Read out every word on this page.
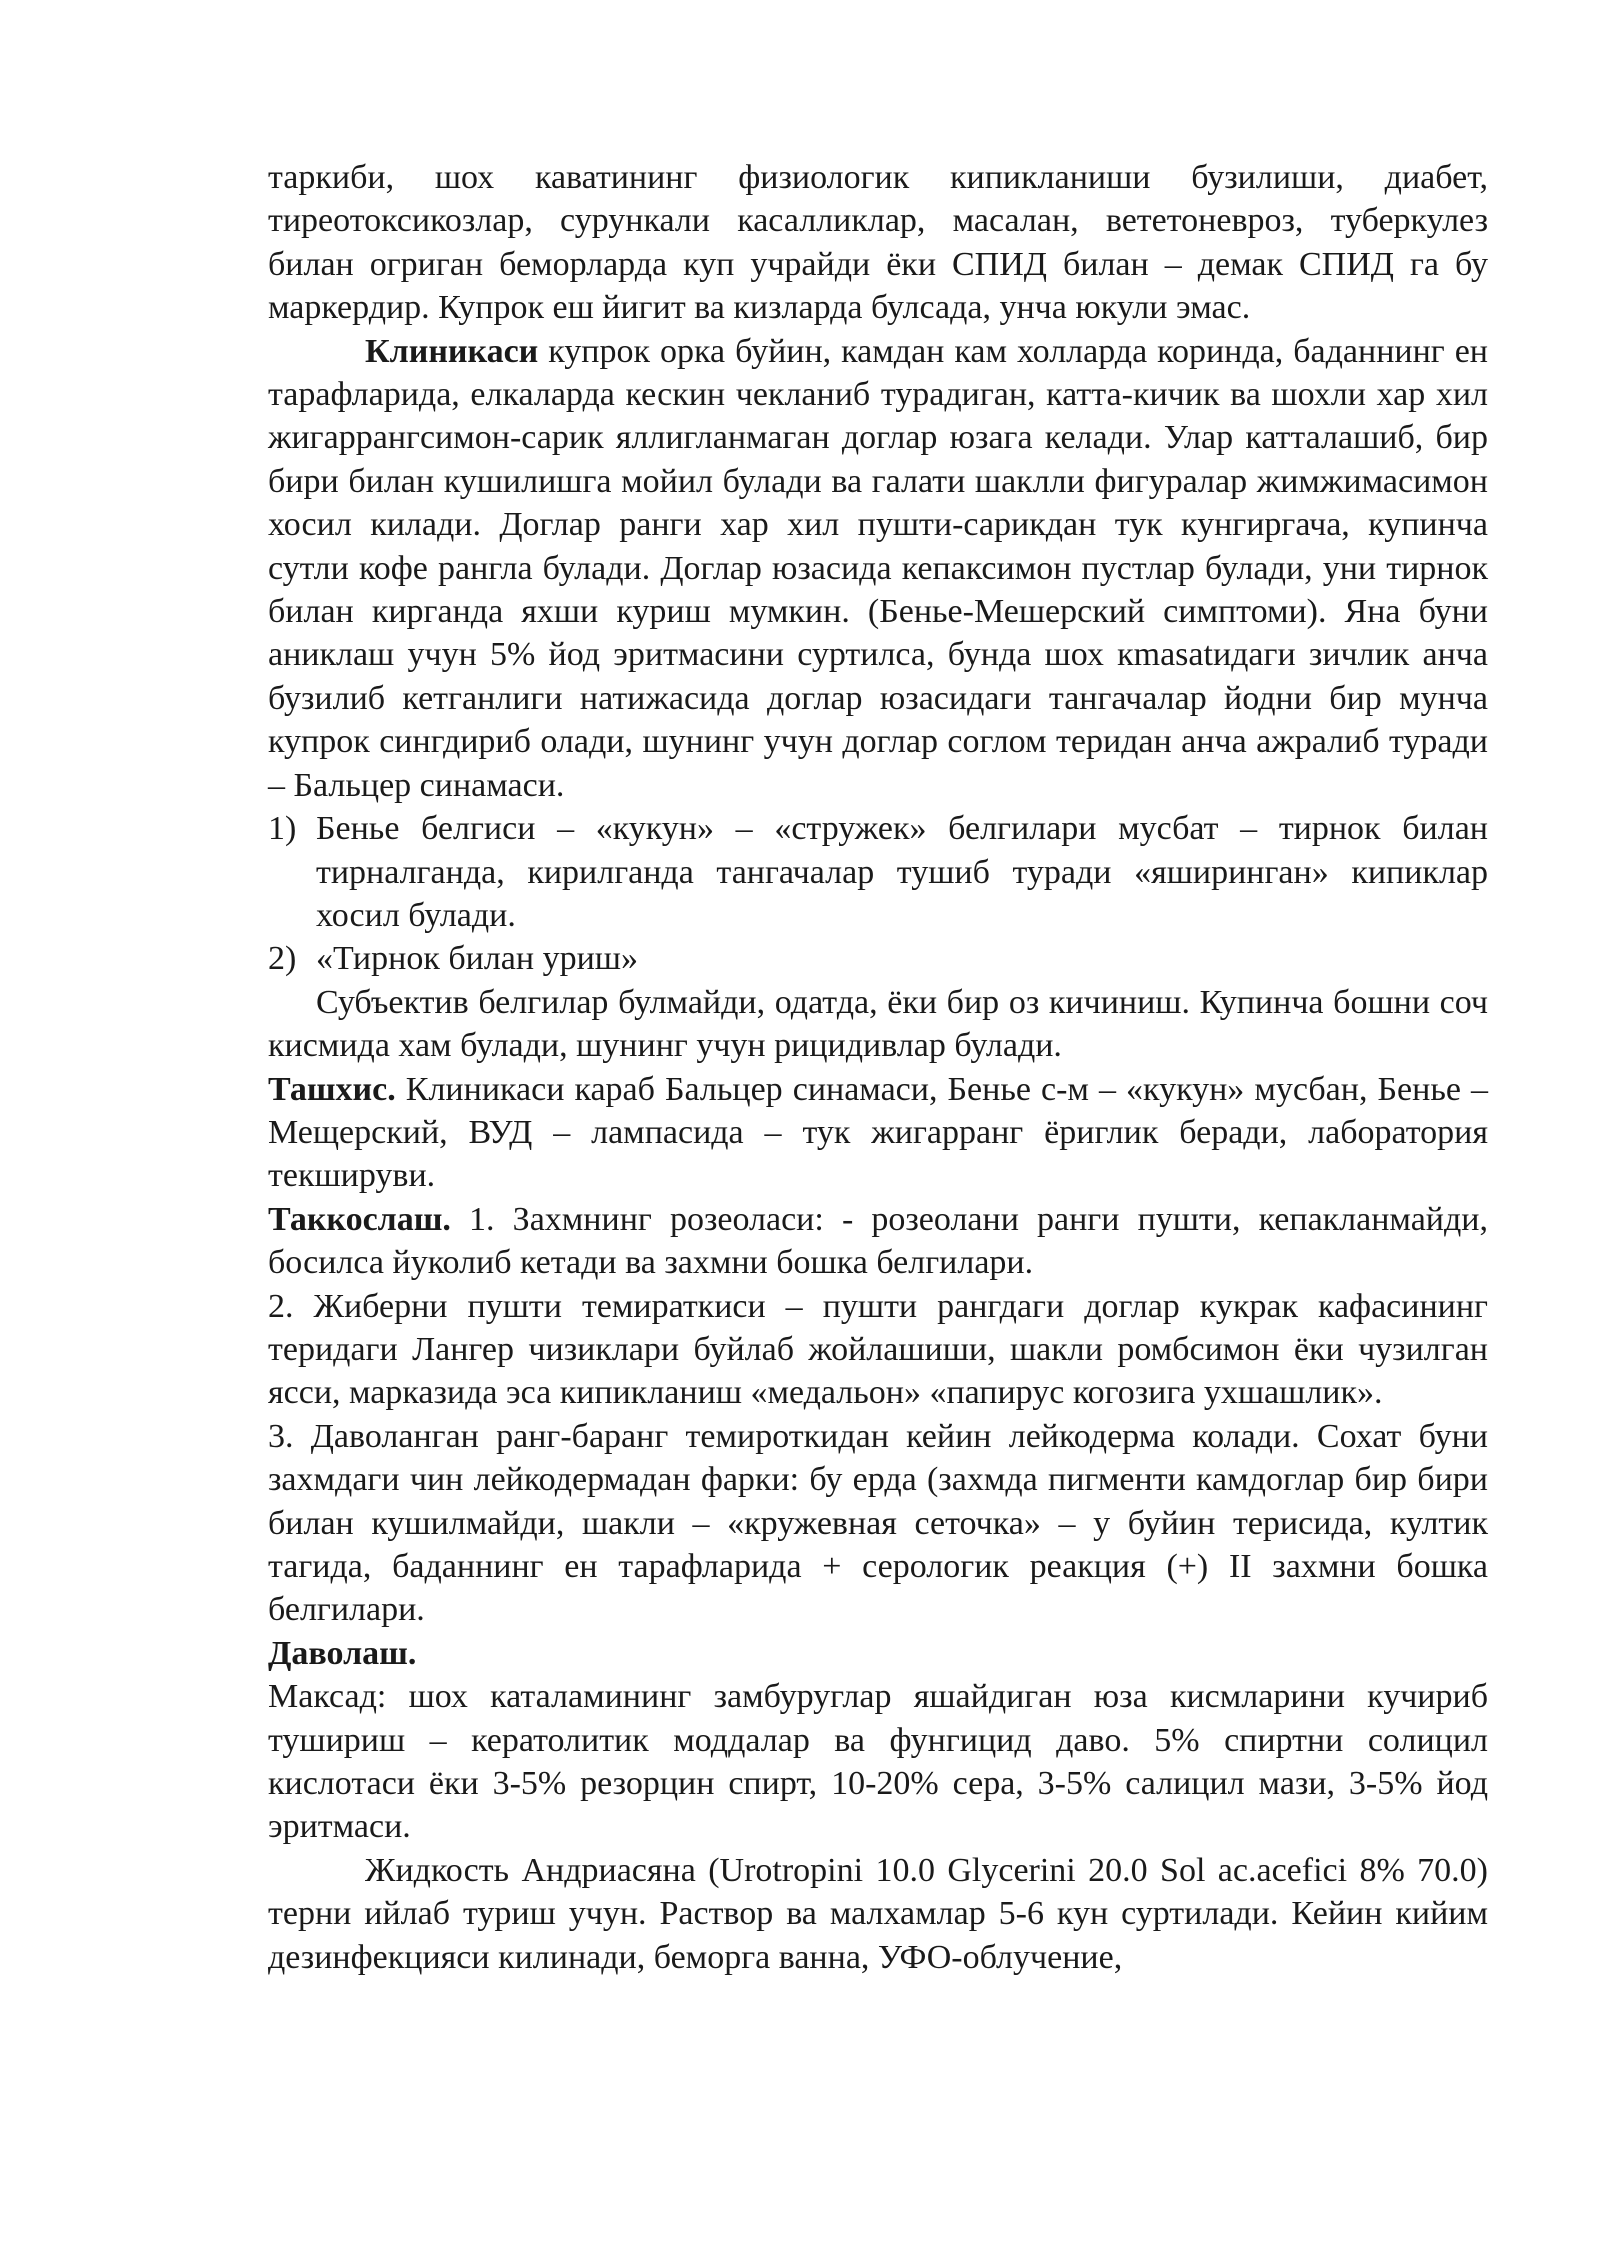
таркиби, шох каватининг физиологик кипикланиши бузилиши, диабет, тиреотоксикозлар, сурункали касалликлар, масалан, вететоневроз, туберкулез билан огриган беморларда куп учрайди ёки СПИД билан – демак СПИД га бу маркердир. Купрок еш йигит ва кизларда булсада, унча юкули эмас.

Клиникаси купрок орка буйин, камдан кам холларда коринда, баданнинг ен тарафларида, елкаларда кескин чекланиб турадиган, катта-кичик ва шохли хар хил жигаррангсимон-сарик яллигланмаган доглар юзага келади. Улар катталашиб, бир бири билан кушилишга мойил булади ва галати шаклли фигуралар жимжимасимон хосил килади. Доглар ранги хар хил пушти-сарикдан тук кунгиргача, купинча сутли кофе рангла булади. Доглар юзасида кепаксимон пустлар булади, уни тирнок билан кирганда яхши куриш мумкин. (Бенье-Мешерский симптоми). Яна буни аниклаш учун 5% йод эритмасини суртилса, бунда шох кmasatидаги зичлик анча бузилиб кетганлиги натижасида доглар юзасидаги тангачалар йодни бир мунча купрок сингдириб олади, шунинг учун доглар соглом теридан анча ажралиб туради – Бальцер синамаси.

1) Бенье белгиси – «кукун» – «стружек» белгилари мусбат – тирнок билан тирналганда, кирилганда тангачалар тушиб туради «яширинган» кипиклар хосил булади.
2) «Тирнок билан уриш»

Субъектив белгилар булмайди, одатда, ёки бир оз кичиниш. Купинча бошни соч кисмида хам булади, шунинг учун рицидивлар булади.

Ташхис. Клиникаси караб Бальцер синамаси, Бенье с-м – «кукун» мусбан, Бенье – Мещерский, ВУД – лампасида – тук жигарранг ёриглик беради, лаборатория текшируви.

Таккослаш. 1. Захмнинг розеоласи: - розеолани ранги пушти, кепакланмайди, босилса йуколиб кетади ва захмни бошка белгилари.

2. Жиберни пушти темираткиси – пушти рангдаги доглар кукрак кафасининг теридаги Лангер чизиклари буйлаб жойлашиши, шакли ромбсимон ёки чузилган ясси, марказида эса кипикланиш «медальон» «папирус когозига ухшашлик».

3. Даволанган ранг-баранг темироткидан кейин лейкодерма колади. Сохат буни захмдаги чин лейкодермадан фарки: бу ерда (захмда пигменти камдоглар бир бири билан кушилмайди, шакли – «кружевная сеточка» – у буйин терисида, култик тагида, баданнинг ен тарафларида + серологик реакция (+) II захмни бошка белгилари.

Даволаш.

Максад: шох каталамининг замбуруглар яшайдиган юза кисмларини кучириб тушириш – кератолитик моддалар ва фунгицид даво. 5% спиртни солицил кислотаси ёки 3-5% резорцин спирт, 10-20% сера, 3-5% салицил мази, 3-5% йод эритмаси.

Жидкость Андриасяна (Urotropini 10.0 Glycerini 20.0 Sol ac.acefici 8% 70.0) терни ийлаб туриш учун. Раствор ва малхамлар 5-6 кун суртилади. Кейин кийим дезинфекцияси килинади, беморга ванна, УФО-облучение,
